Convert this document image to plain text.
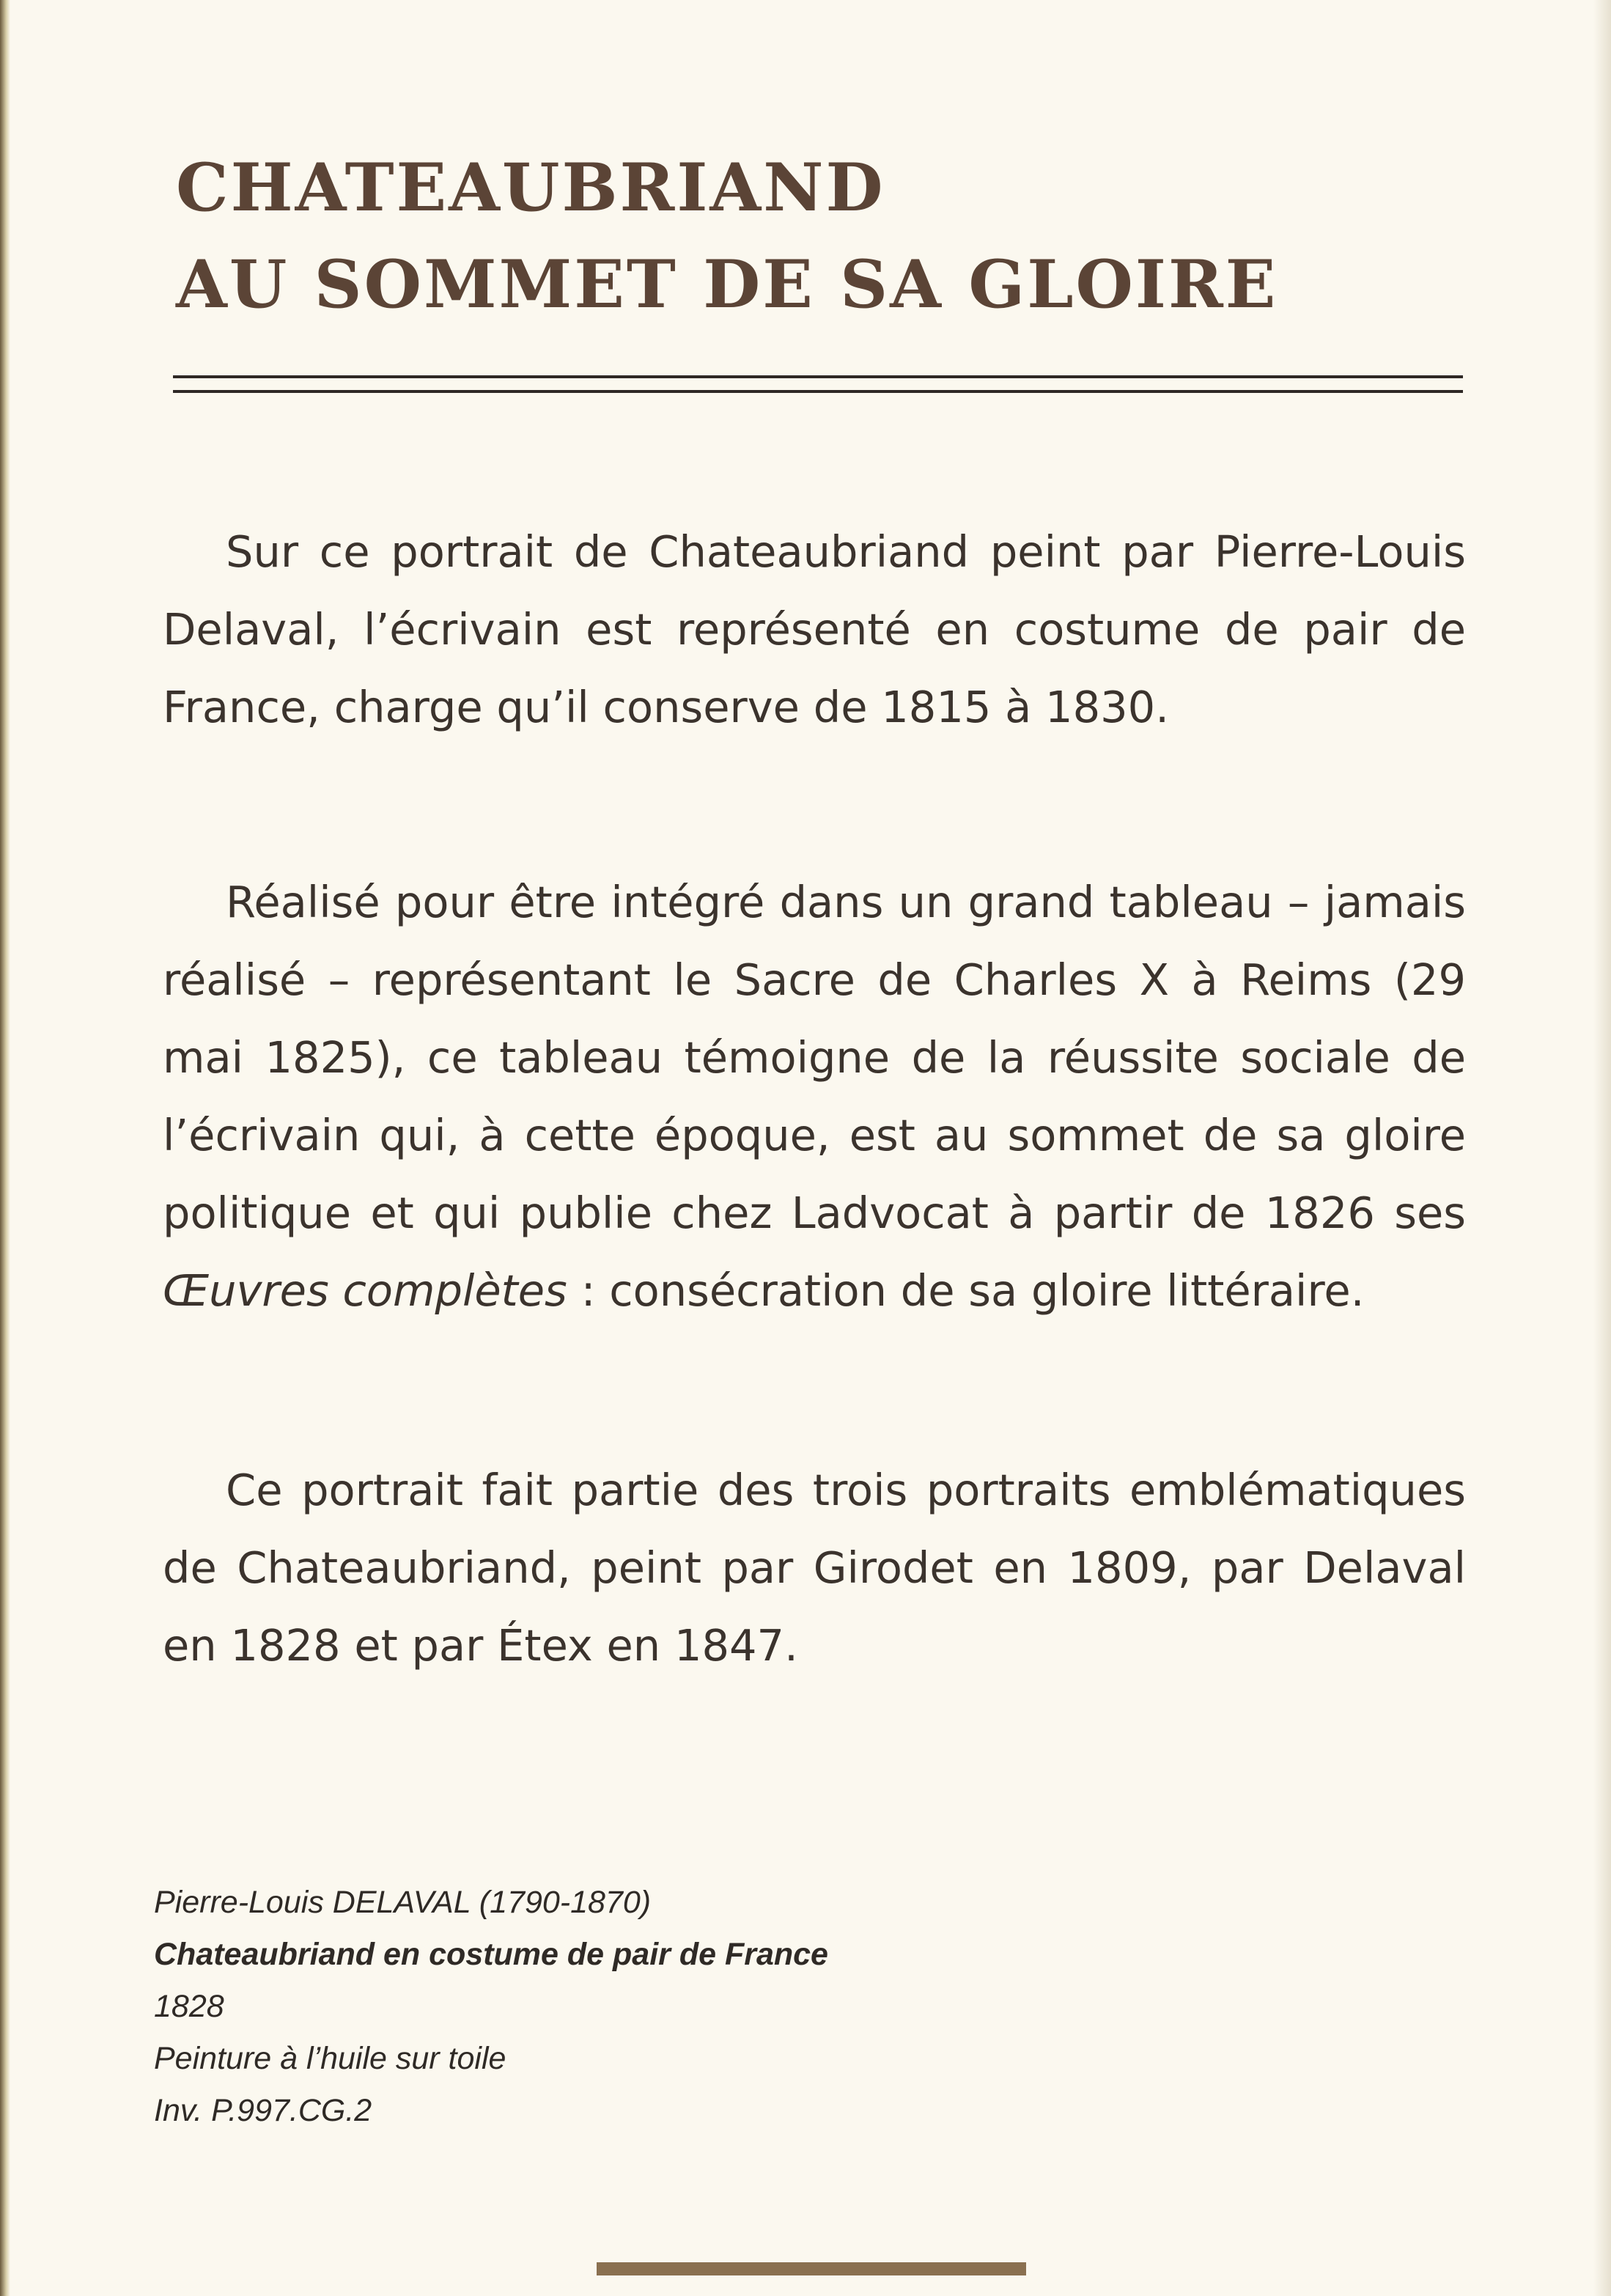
CHATEAUBRIAND
AU SOMMET DE SA GLOIRE

Sur ce portrait de Chateaubriand peint par Pierre-Louis Delaval, l’écrivain est représenté en costume de pair de France, charge qu’il conserve de 1815 à 1830.

Réalisé pour être intégré dans un grand tableau – jamais réalisé – représentant le Sacre de Charles X à Reims (29 mai 1825), ce tableau témoigne de la réussite sociale de l’écrivain qui, à cette époque, est au sommet de sa gloire politique et qui publie chez Ladvocat à partir de 1826 ses Œuvres complètes : consécration de sa gloire littéraire.

Ce portrait fait partie des trois portraits emblématiques de Chateaubriand, peint par Girodet en 1809, par Delaval en 1828 et par Étex en 1847.

Pierre-Louis DELAVAL (1790-1870)
Chateaubriand en costume de pair de France
1828
Peinture à l’huile sur toile
Inv. P.997.CG.2
